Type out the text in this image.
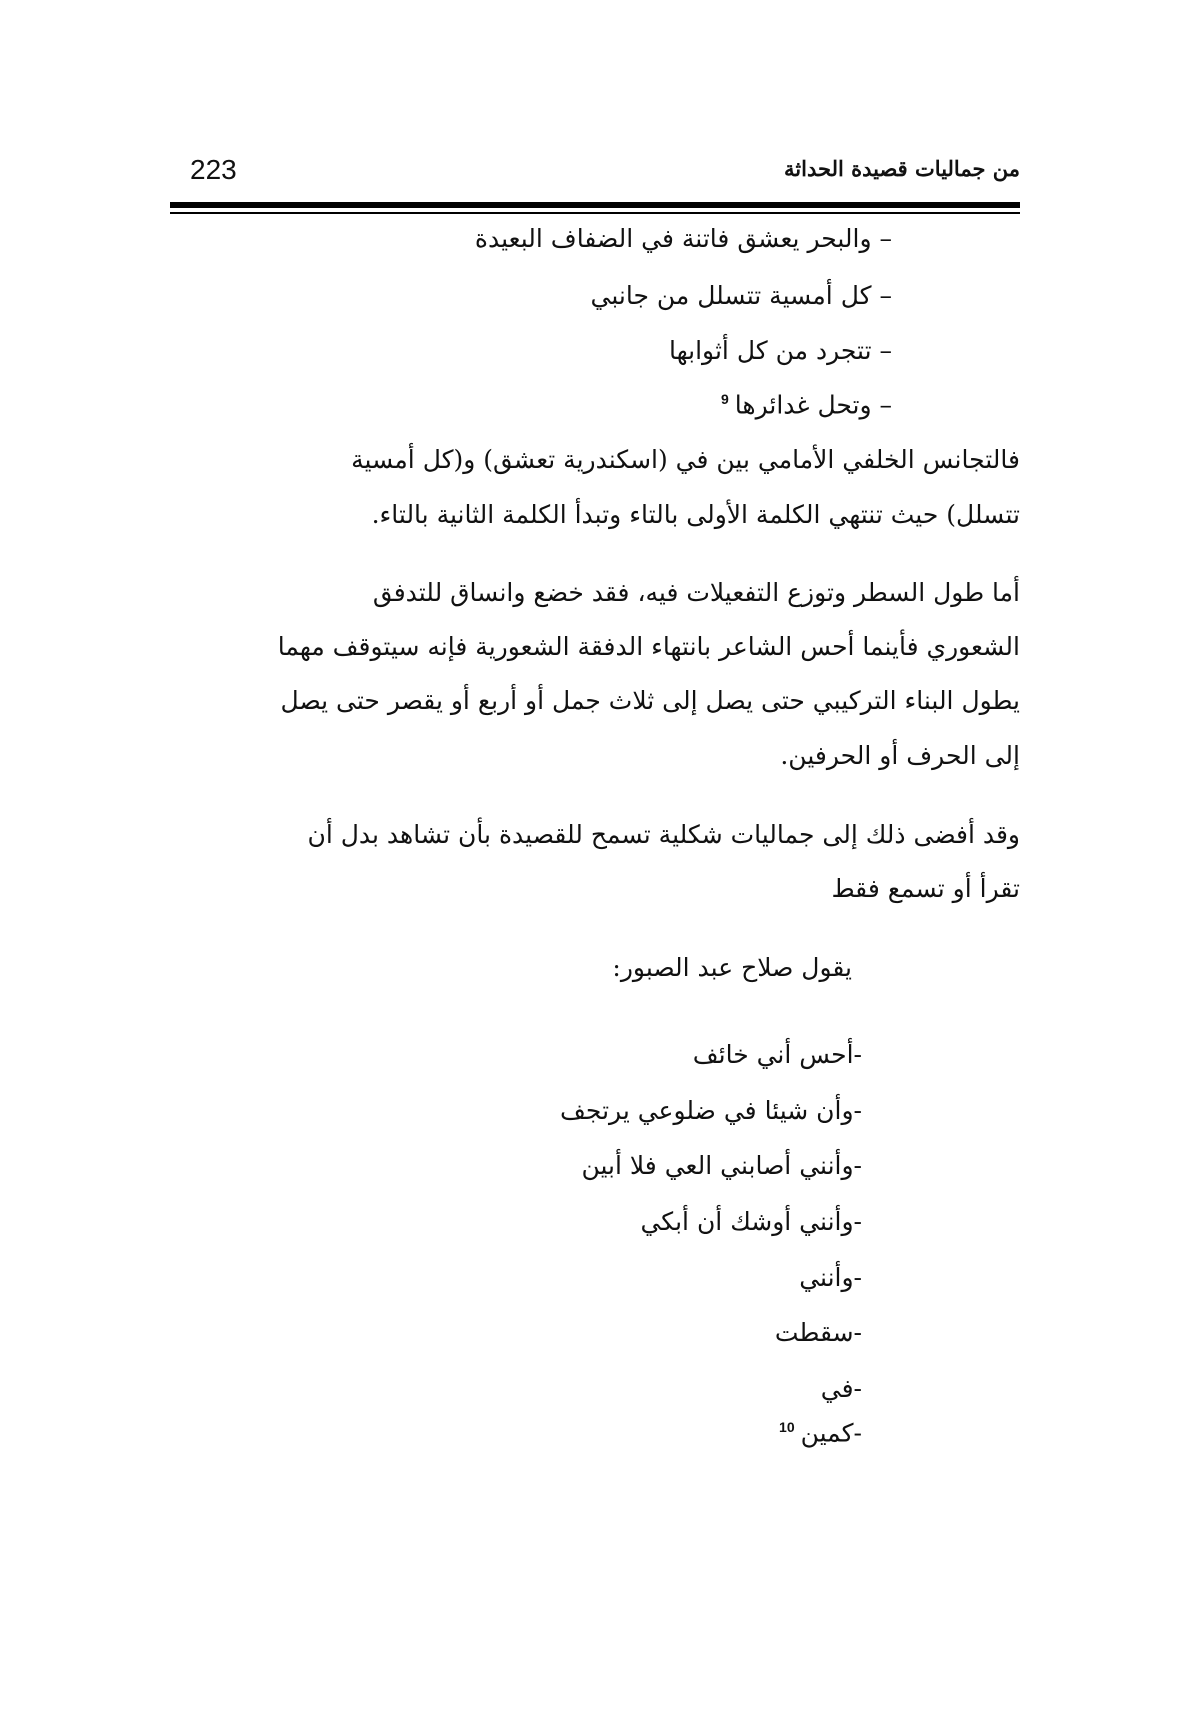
223	من جماليات قصيدة الحداثة
– والبحر يعشق فاتنة في الضفاف البعيدة
– كل أمسية تتسلل من جانبي
– تتجرد من كل أثوابها
– وتحل غدائرها$^9$
فالتجانس الخلفي الأمامي بين في (اسكندرية تعشق) و(كل أمسية
تتسلل) حيث تنتهي الكلمة الأولى بالتاء وتبدأ الكلمة الثانية بالتاء.
أما طول السطر وتوزع التفعيلات فيه، فقد خضع وانساق للتدفق
الشعوري فأينما أحس الشاعر بانتهاء الدفقة الشعورية فإنه سيتوقف مهما
يطول البناء التركيبي حتى يصل إلى ثلاث جمل أو أربع أو يقصر حتى يصل
إلى الحرف أو الحرفين.
وقد أفضى ذلك إلى جماليات شكلية تسمح للقصيدة بأن تشاهد بدل أن
تقرأ أو تسمع فقط
يقول صلاح عبد الصبور:
-أحس أني خائف
-وأن شيئا في ضلوعي يرتجف
-وأنني أصابني العي فلا أبين
-وأنني أوشك أن أبكي
-وأنني
-سقطت
-في
-كمين$^{10}$
